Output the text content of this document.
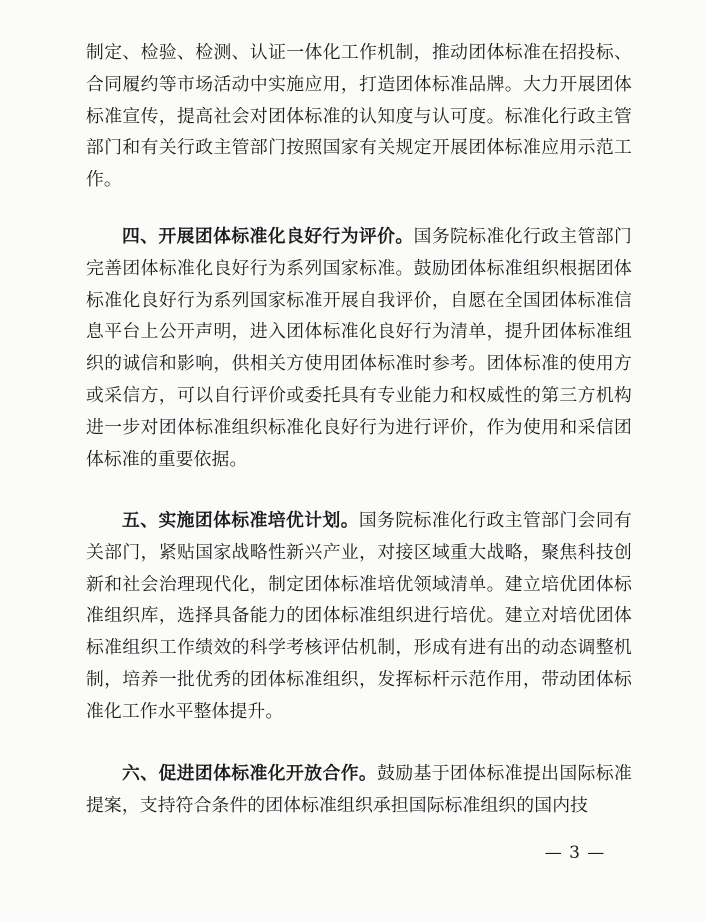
制定、检验、检测、认证一体化工作机制，推动团体标准在招投标、合同履约等市场活动中实施应用，打造团体标准品牌。大力开展团体标准宣传，提高社会对团体标准的认知度与认可度。标准化行政主管部门和有关行政主管部门按照国家有关规定开展团体标准应用示范工作。

四、开展团体标准化良好行为评价。国务院标准化行政主管部门完善团体标准化良好行为系列国家标准。鼓励团体标准组织根据团体标准化良好行为系列国家标准开展自我评价，自愿在全国团体标准信息平台上公开声明，进入团体标准化良好行为清单，提升团体标准组织的诚信和影响，供相关方使用团体标准时参考。团体标准的使用方或采信方，可以自行评价或委托具有专业能力和权威性的第三方机构进一步对团体标准组织标准化良好行为进行评价，作为使用和采信团体标准的重要依据。

五、实施团体标准培优计划。国务院标准化行政主管部门会同有关部门，紧贴国家战略性新兴产业，对接区域重大战略，聚焦科技创新和社会治理现代化，制定团体标准培优领域清单。建立培优团体标准组织库，选择具备能力的团体标准组织进行培优。建立对培优团体标准组织工作绩效的科学考核评估机制，形成有进有出的动态调整机制，培养一批优秀的团体标准组织，发挥标杆示范作用，带动团体标准化工作水平整体提升。

六、促进团体标准化开放合作。鼓励基于团体标准提出国际标准提案，支持符合条件的团体标准组织承担国际标准组织的国内技

— 3 —
